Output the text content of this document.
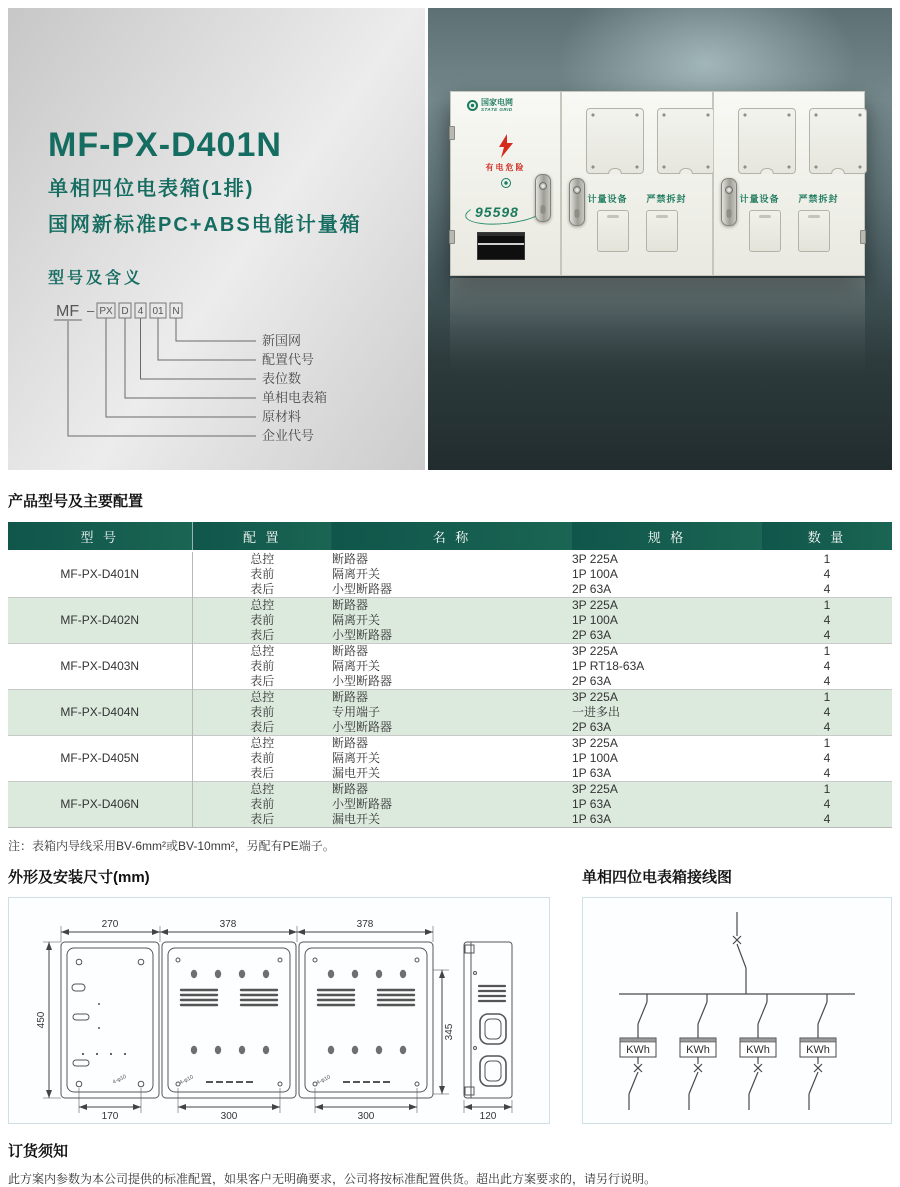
MF-PX-D401N
单相四位电表箱(1排)
国网新标准PC+ABS电能计量箱
型号及含义
MF – PX D 4 01 N
新国网
配置代号
表位数
单相电表箱
原材料
企业代号
国家电网
STATE GRID
有电危险
95598
计量设备 严禁拆封	计量设备 严禁拆封
产品型号及主要配置
型 号	配 置	名 称	规 格	数 量
MF-PX-D401N	总控	断路器	3P 225A	1
	表前	隔离开关	1P 100A	4
	表后	小型断路器	2P 63A	4
MF-PX-D402N	总控	断路器	3P 225A	1
	表前	隔离开关	1P 100A	4
	表后	小型断路器	2P 63A	4
MF-PX-D403N	总控	断路器	3P 225A	1
	表前	隔离开关	1P RT18-63A	4
	表后	小型断路器	2P 63A	4
MF-PX-D404N	总控	断路器	3P 225A	1
	表前	专用端子	一进多出	4
	表后	小型断路器	2P 63A	4
MF-PX-D405N	总控	断路器	3P 225A	1
	表前	隔离开关	1P 100A	4
	表后	漏电开关	1P 63A	4
MF-PX-D406N	总控	断路器	3P 225A	1
	表前	小型断路器	1P 63A	4
	表后	漏电开关	1P 63A	4
注：表箱内导线采用BV-6mm²或BV-10mm²，另配有PE端子。
外形及安装尺寸(mm)
270	378	378
450
345
170	300	300	120
4-φ10	4-φ10
单相四位电表箱接线图
KWh	KWh	KWh	KWh
订货须知
此方案内参数为本公司提供的标准配置，如果客户无明确要求，公司将按标准配置供货。超出此方案要求的，请另行说明。
